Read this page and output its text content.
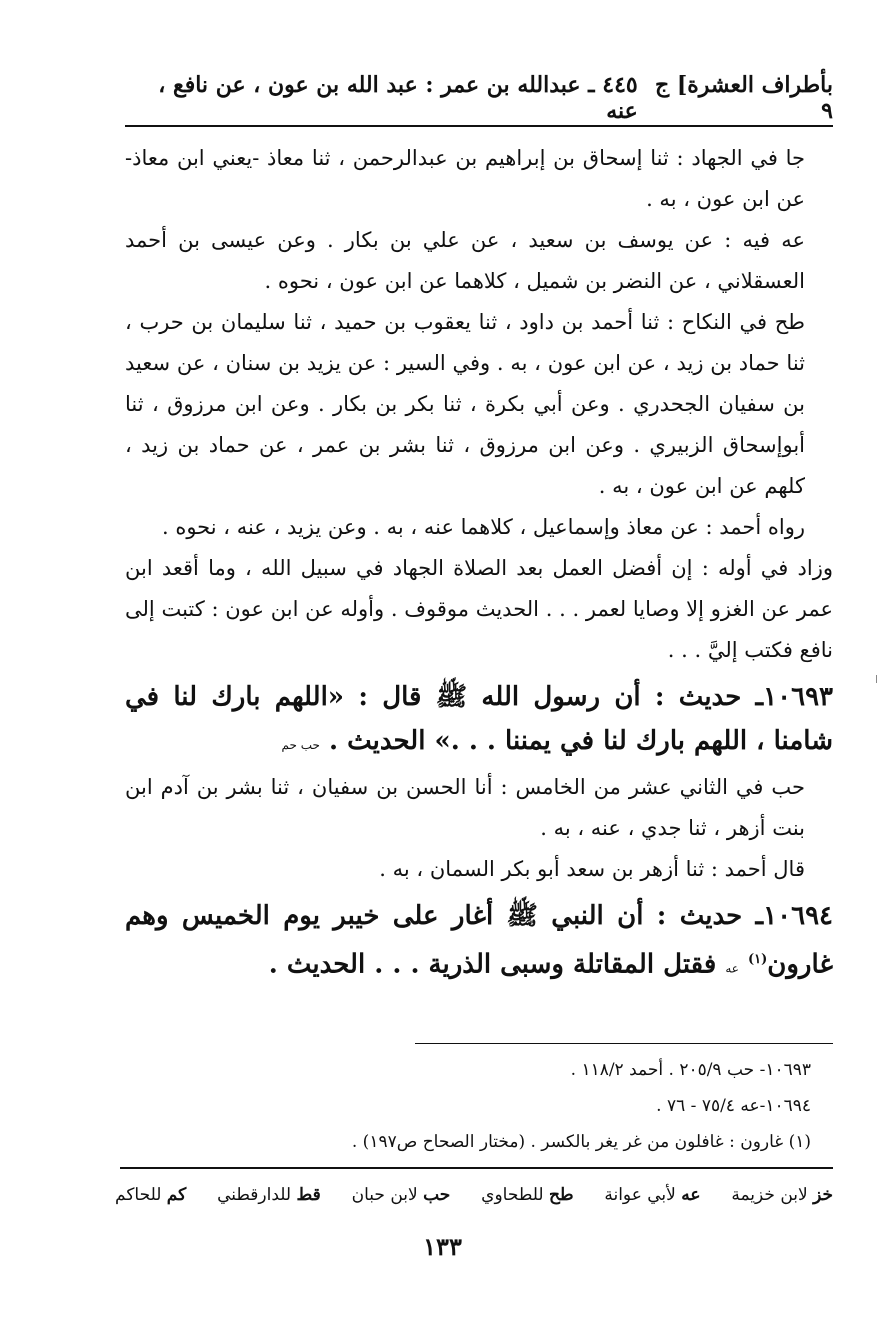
بأطراف العشرة] ج ٩
٤٤٥ ـ عبدالله بن عمر : عبد الله بن عون ، عن نافع ، عنه

جا في الجهاد : ثنا إسحاق بن إبراهيم بن عبدالرحمن ، ثنا معاذ -يعني ابن معاذ- عن ابن عون ، به .

عه فيه : عن يوسف بن سعيد ، عن علي بن بكار . وعن عيسى بن أحمد العسقلاني ، عن النضر بن شميل ، كلاهما عن ابن عون ، نحوه .

طح في النكاح : ثنا أحمد بن داود ، ثنا يعقوب بن حميد ، ثنا سليمان بن حرب ، ثنا حماد بن زيد ، عن ابن عون ، به . وفي السير : عن يزيد بن سنان ، عن سعيد بن سفيان الجحدري . وعن أبي بكرة ، ثنا بكر بن بكار . وعن ابن مرزوق ، ثنا أبوإسحاق الزبيري . وعن ابن مرزوق ، ثنا بشر بن عمر ، عن حماد بن زيد ، كلهم عن ابن عون ، به .

رواه أحمد : عن معاذ وإسماعيل ، كلاهما عنه ، به . وعن يزيد ، عنه ، نحوه .

وزاد في أوله : إن أفضل العمل بعد الصلاة الجهاد في سبيل الله ، وما أقعد ابن عمر عن الغزو إلا وصايا لعمر . . . الحديث موقوف . وأوله عن ابن عون : كتبت إلى نافع فكتب إليَّ . . .

١٠٦٩٣ـ حديث : أن رسول الله ﷺ قال : «اللهم بارك لنا في شامنا ، اللهم بارك لنا في يمننا . . .» الحديث . حب حم

حب في الثاني عشر من الخامس : أنا الحسن بن سفيان ، ثنا بشر بن آدم ابن بنت أزهر ، ثنا جدي ، عنه ، به .

قال أحمد : ثنا أزهر بن سعد أبو بكر السمان ، به .

١٠٦٩٤ـ حديث : أن النبي ﷺ أغار على خيبر يوم الخميس وهم غارون$^{(١)}$ عه فقتل المقاتلة وسبى الذرية . . . الحديث .

١٠٦٩٣- حب ٢٠٥/٩ . أحمد ١١٨/٢ .

١٠٦٩٤-عه ٧٥/٤ - ٧٦ .

(١) غارون : غافلون من غر يغر بالكسر . (مختار الصحاح ص١٩٧) .

خز لابن خزيمة
عه لأبي عوانة
طح للطحاوي
حب لابن حبان
قط للدارقطني
كم للحاكم
١٣٣
